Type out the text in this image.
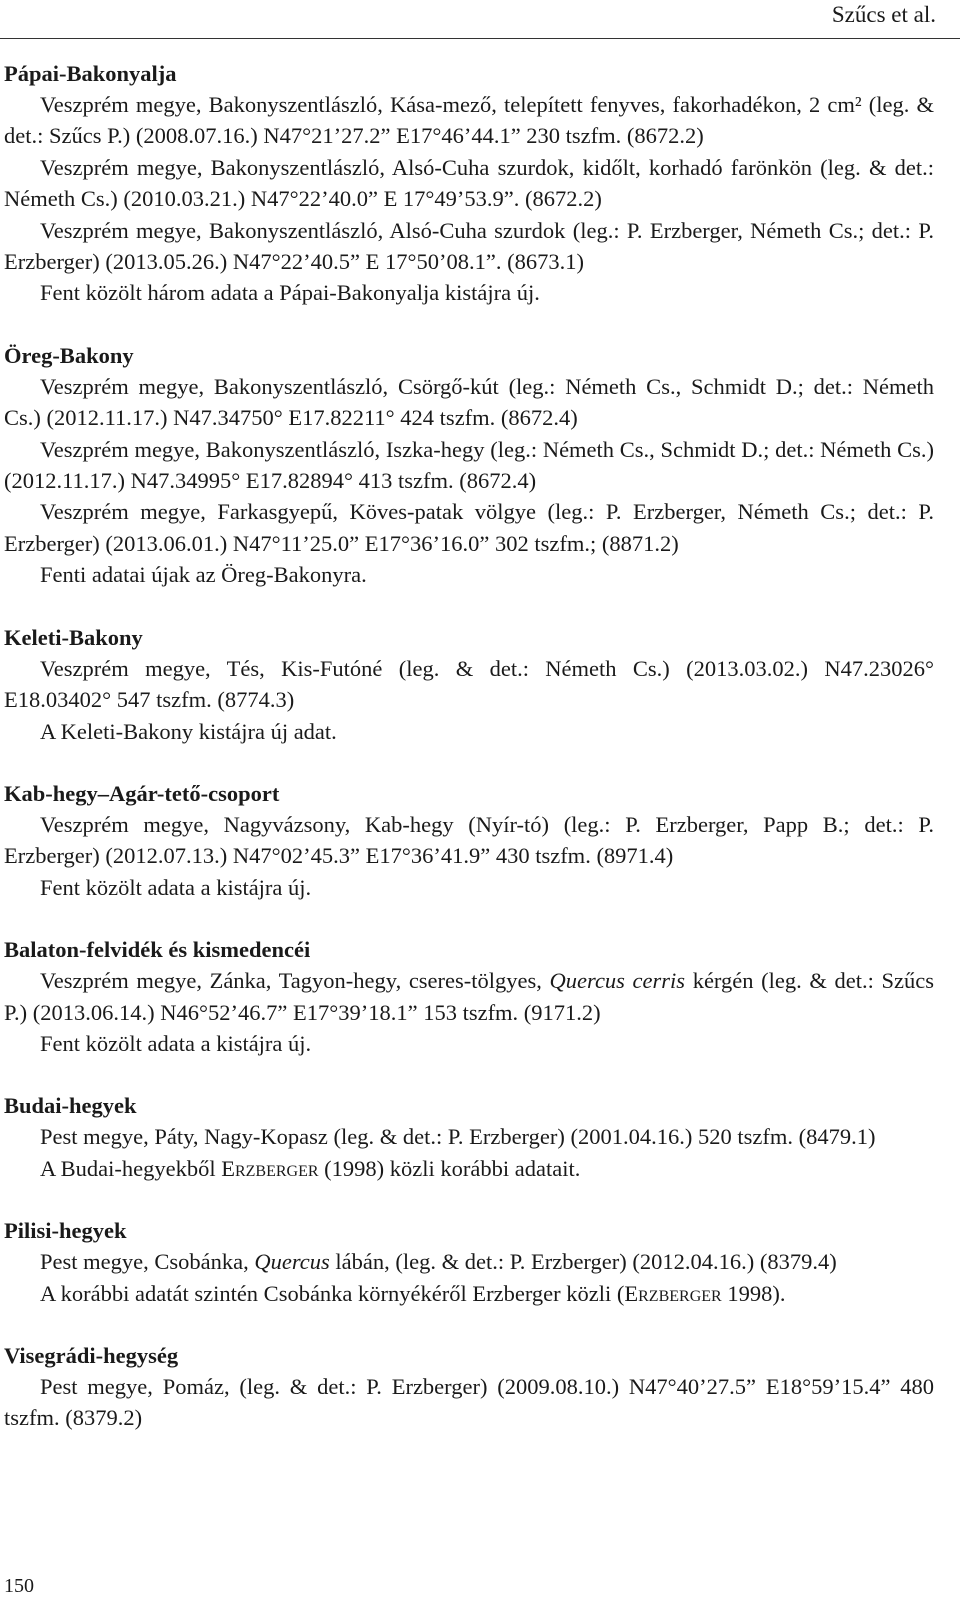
Szűcs et al.

Pápai-Bakonyalja

Veszprém megye, Bakonyszentlászló, Kása-mező, telepített fenyves, fakorhadékon, 2 cm² (leg. & det.: Szűcs P.) (2008.07.16.) N47°21’27.2” E17°46’44.1” 230 tszfm. (8672.2)

Veszprém megye, Bakonyszentlászló, Alsó-Cuha szurdok, kidőlt, korhadó farönkön (leg. & det.: Németh Cs.) (2010.03.21.) N47°22’40.0” E 17°49’53.9”. (8672.2)

Veszprém megye, Bakonyszentlászló, Alsó-Cuha szurdok (leg.: P. Erzberger, Németh Cs.; det.: P. Erzberger) (2013.05.26.) N47°22’40.5” E 17°50’08.1”. (8673.1)

Fent közölt három adata a Pápai-Bakonyalja kistájra új.

Öreg-Bakony

Veszprém megye, Bakonyszentlászló, Csörgő-kút (leg.: Németh Cs., Schmidt D.; det.: Németh Cs.) (2012.11.17.) N47.34750° E17.82211° 424 tszfm. (8672.4)

Veszprém megye, Bakonyszentlászló, Iszka-hegy (leg.: Németh Cs., Schmidt D.; det.: Németh Cs.) (2012.11.17.) N47.34995° E17.82894° 413 tszfm. (8672.4)

Veszprém megye, Farkasgyepű, Köves-patak völgye (leg.: P. Erzberger, Németh Cs.; det.: P. Erzberger) (2013.06.01.) N47°11’25.0” E17°36’16.0” 302 tszfm.; (8871.2)

Fenti adatai újak az Öreg-Bakonyra.

Keleti-Bakony

Veszprém megye, Tés, Kis-Futóné (leg. & det.: Németh Cs.) (2013.03.02.) N47.23026° E18.03402° 547 tszfm. (8774.3)

A Keleti-Bakony kistájra új adat.

Kab-hegy–Agár-tető-csoport

Veszprém megye, Nagyvázsony, Kab-hegy (Nyír-tó) (leg.: P. Erzberger, Papp B.; det.: P. Erzberger) (2012.07.13.) N47°02’45.3” E17°36’41.9” 430 tszfm. (8971.4)

Fent közölt adata a kistájra új.

Balaton-felvidék és kismedencéi

Veszprém megye, Zánka, Tagyon-hegy, cseres-tölgyes, Quercus cerris kérgén (leg. & det.: Szűcs P.) (2013.06.14.) N46°52’46.7” E17°39’18.1” 153 tszfm. (9171.2)

Fent közölt adata a kistájra új.

Budai-hegyek

Pest megye, Páty, Nagy-Kopasz (leg. & det.: P. Erzberger) (2001.04.16.) 520 tszfm. (8479.1)

A Budai-hegyekből Erzberger (1998) közli korábbi adatait.

Pilisi-hegyek

Pest megye, Csobánka, Quercus lábán, (leg. & det.: P. Erzberger) (2012.04.16.) (8379.4)

A korábbi adatát szintén Csobánka környékéről Erzberger közli (Erzberger 1998).

Visegrádi-hegység

Pest megye, Pomáz, (leg. & det.: P. Erzberger) (2009.08.10.) N47°40’27.5” E18°59’15.4” 480 tszfm. (8379.2)

150
